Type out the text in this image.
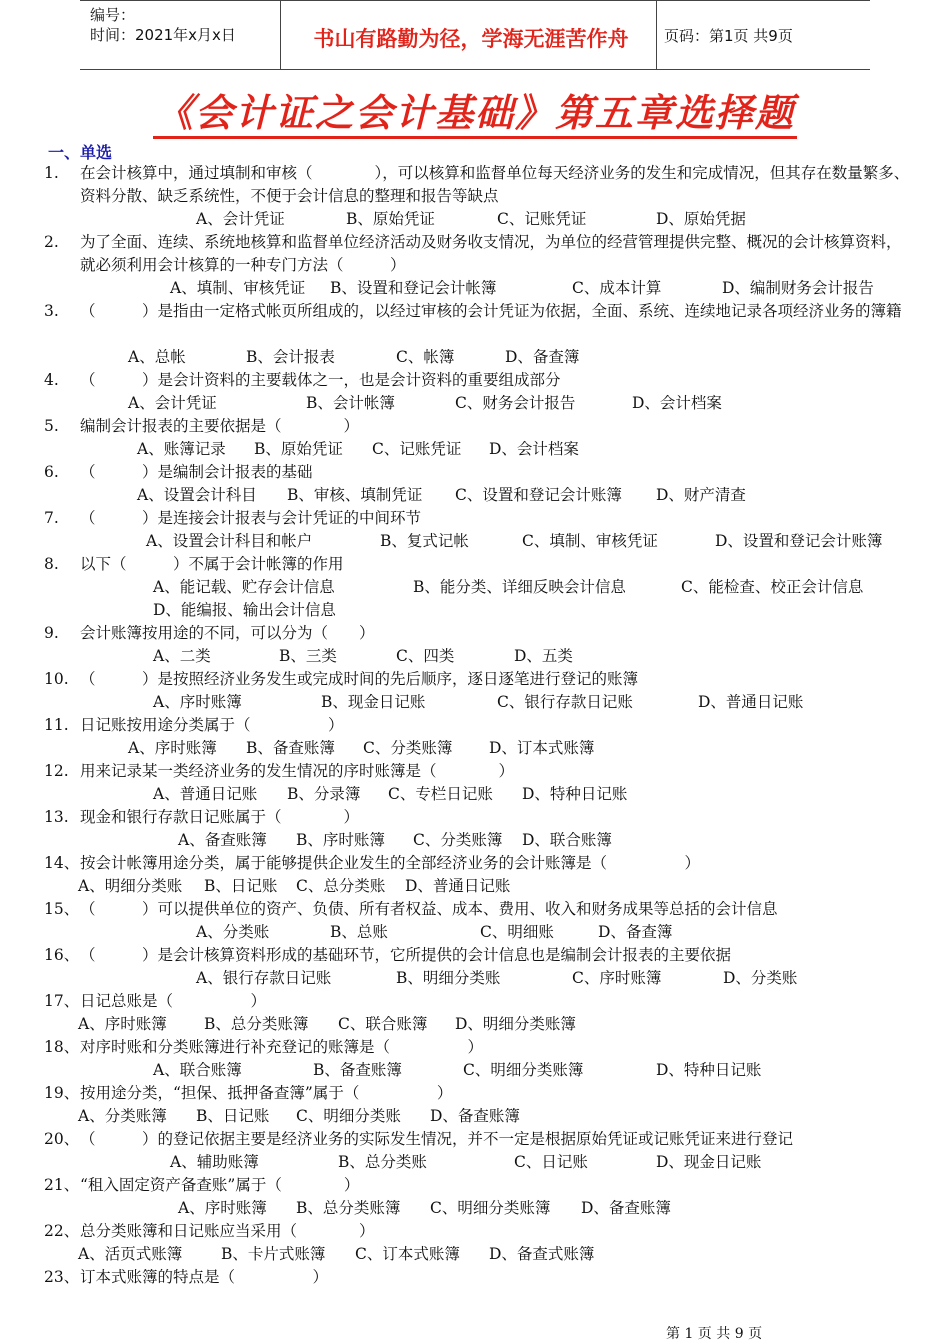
编号：
时间：2021年x月x日	书山有路勤为径，学海无涯苦作舟	页码：第1页 共9页
《会计证之会计基础》第五章选择题
一、单选
1. 在会计核算中，通过填制和审核（　　　　），可以核算和监督单位每天经济业务的发生和完成情况，但其存在数量繁多、资料分散、缺乏系统性，不便于会计信息的整理和报告等缺点
A、会计凭证	B、原始凭证	C、记账凭证	D、原始凭据
2. 为了全面、连续、系统地核算和监督单位经济活动及财务收支情况，为单位的经营管理提供完整、概况的会计核算资料，就必须利用会计核算的一种专门方法（　　　）
A、填制、审核凭证 B、设置和登记会计帐簿	C、成本计算	D、编制财务会计报告
3. （　　　）是指由一定格式帐页所组成的，以经过审核的会计凭证为依据，全面、系统、连续地记录各项经济业务的簿籍
A、总帐	B、会计报表	C、帐簿	D、备查簿
4. （　　　）是会计资料的主要载体之一，也是会计资料的重要组成部分
A、会计凭证	B、会计帐簿	C、财务会计报告	D、会计档案
5. 编制会计报表的主要依据是（　　　　）
A、账簿记录 B、原始凭证 C、记账凭证 D、会计档案
6. （　　　）是编制会计报表的基础
A、设置会计科目 B、审核、填制凭证 C、设置和登记会计账簿 D、财产清查
7. （　　　）是连接会计报表与会计凭证的中间环节
A、设置会计科目和帐户	B、复式记帐	C、填制、审核凭证	D、设置和登记会计账簿
8. 以下（　　　）不属于会计帐簿的作用
A、能记载、贮存会计信息	B、能分类、详细反映会计信息	C、能检查、校正会计信息
D、能编报、输出会计信息
9. 会计账簿按用途的不同，可以分为（　　）
A、二类	B、三类	C、四类	D、五类
10. （　　　）是按照经济业务发生或完成时间的先后顺序，逐日逐笔进行登记的账簿
A、序时账簿	B、现金日记账	C、银行存款日记账	D、普通日记账
11. 日记账按用途分类属于（　　　　　）
A、序时账簿 B、备查账簿 C、分类账簿 D、订本式账簿
12. 用来记录某一类经济业务的发生情况的序时账簿是（　　　　）
A、普通日记账 B、分录簿 C、专栏日记账 D、特种日记账
13. 现金和银行存款日记账属于（　　　　）
A、备查账簿 B、序时账簿 C、分类账簿 D、联合账簿
14、 按会计帐簿用途分类，属于能够提供企业发生的全部经济业务的会计账簿是（　　　　　）
A、明细分类账 B、日记账 C、总分类账 D、普通日记账
15、 （　　　）可以提供单位的资产、负债、所有者权益、成本、费用、收入和财务成果等总括的会计信息
A、分类账	B、总账	C、明细账	D、备查簿
16、 （　　　）是会计核算资料形成的基础环节，它所提供的会计信息也是编制会计报表的主要依据
A、银行存款日记账	B、明细分类账	C、序时账簿	D、分类账
17、 日记总账是（　　　　　）
A、序时账簿 B、总分类账簿 C、联合账簿 D、明细分类账簿
18、 对序时账和分类账簿进行补充登记的账簿是（　　　　　）
A、联合账簿	B、备查账簿	C、明细分类账簿	D、特种日记账
19、 按用途分类，“担保、抵押备查簿”属于（　　　　　）
A、分类账簿 B、日记账 C、明细分类账 D、备查账簿
20、 （　　　）的登记依据主要是经济业务的实际发生情况，并不一定是根据原始凭证或记账凭证来进行登记
A、辅助账簿	B、总分类账	C、日记账	D、现金日记账
21、 “租入固定资产备查账”属于（　　　　）
A、序时账簿 B、总分类账簿 C、明细分类账簿 D、备查账簿
22、 总分类账簿和日记账应当采用（　　　　）
A、活页式账簿	B、卡片式账簿 C、订本式账簿 D、备查式账簿
23、 订本式账簿的特点是（　　　　　）
第 1 页 共 9 页
